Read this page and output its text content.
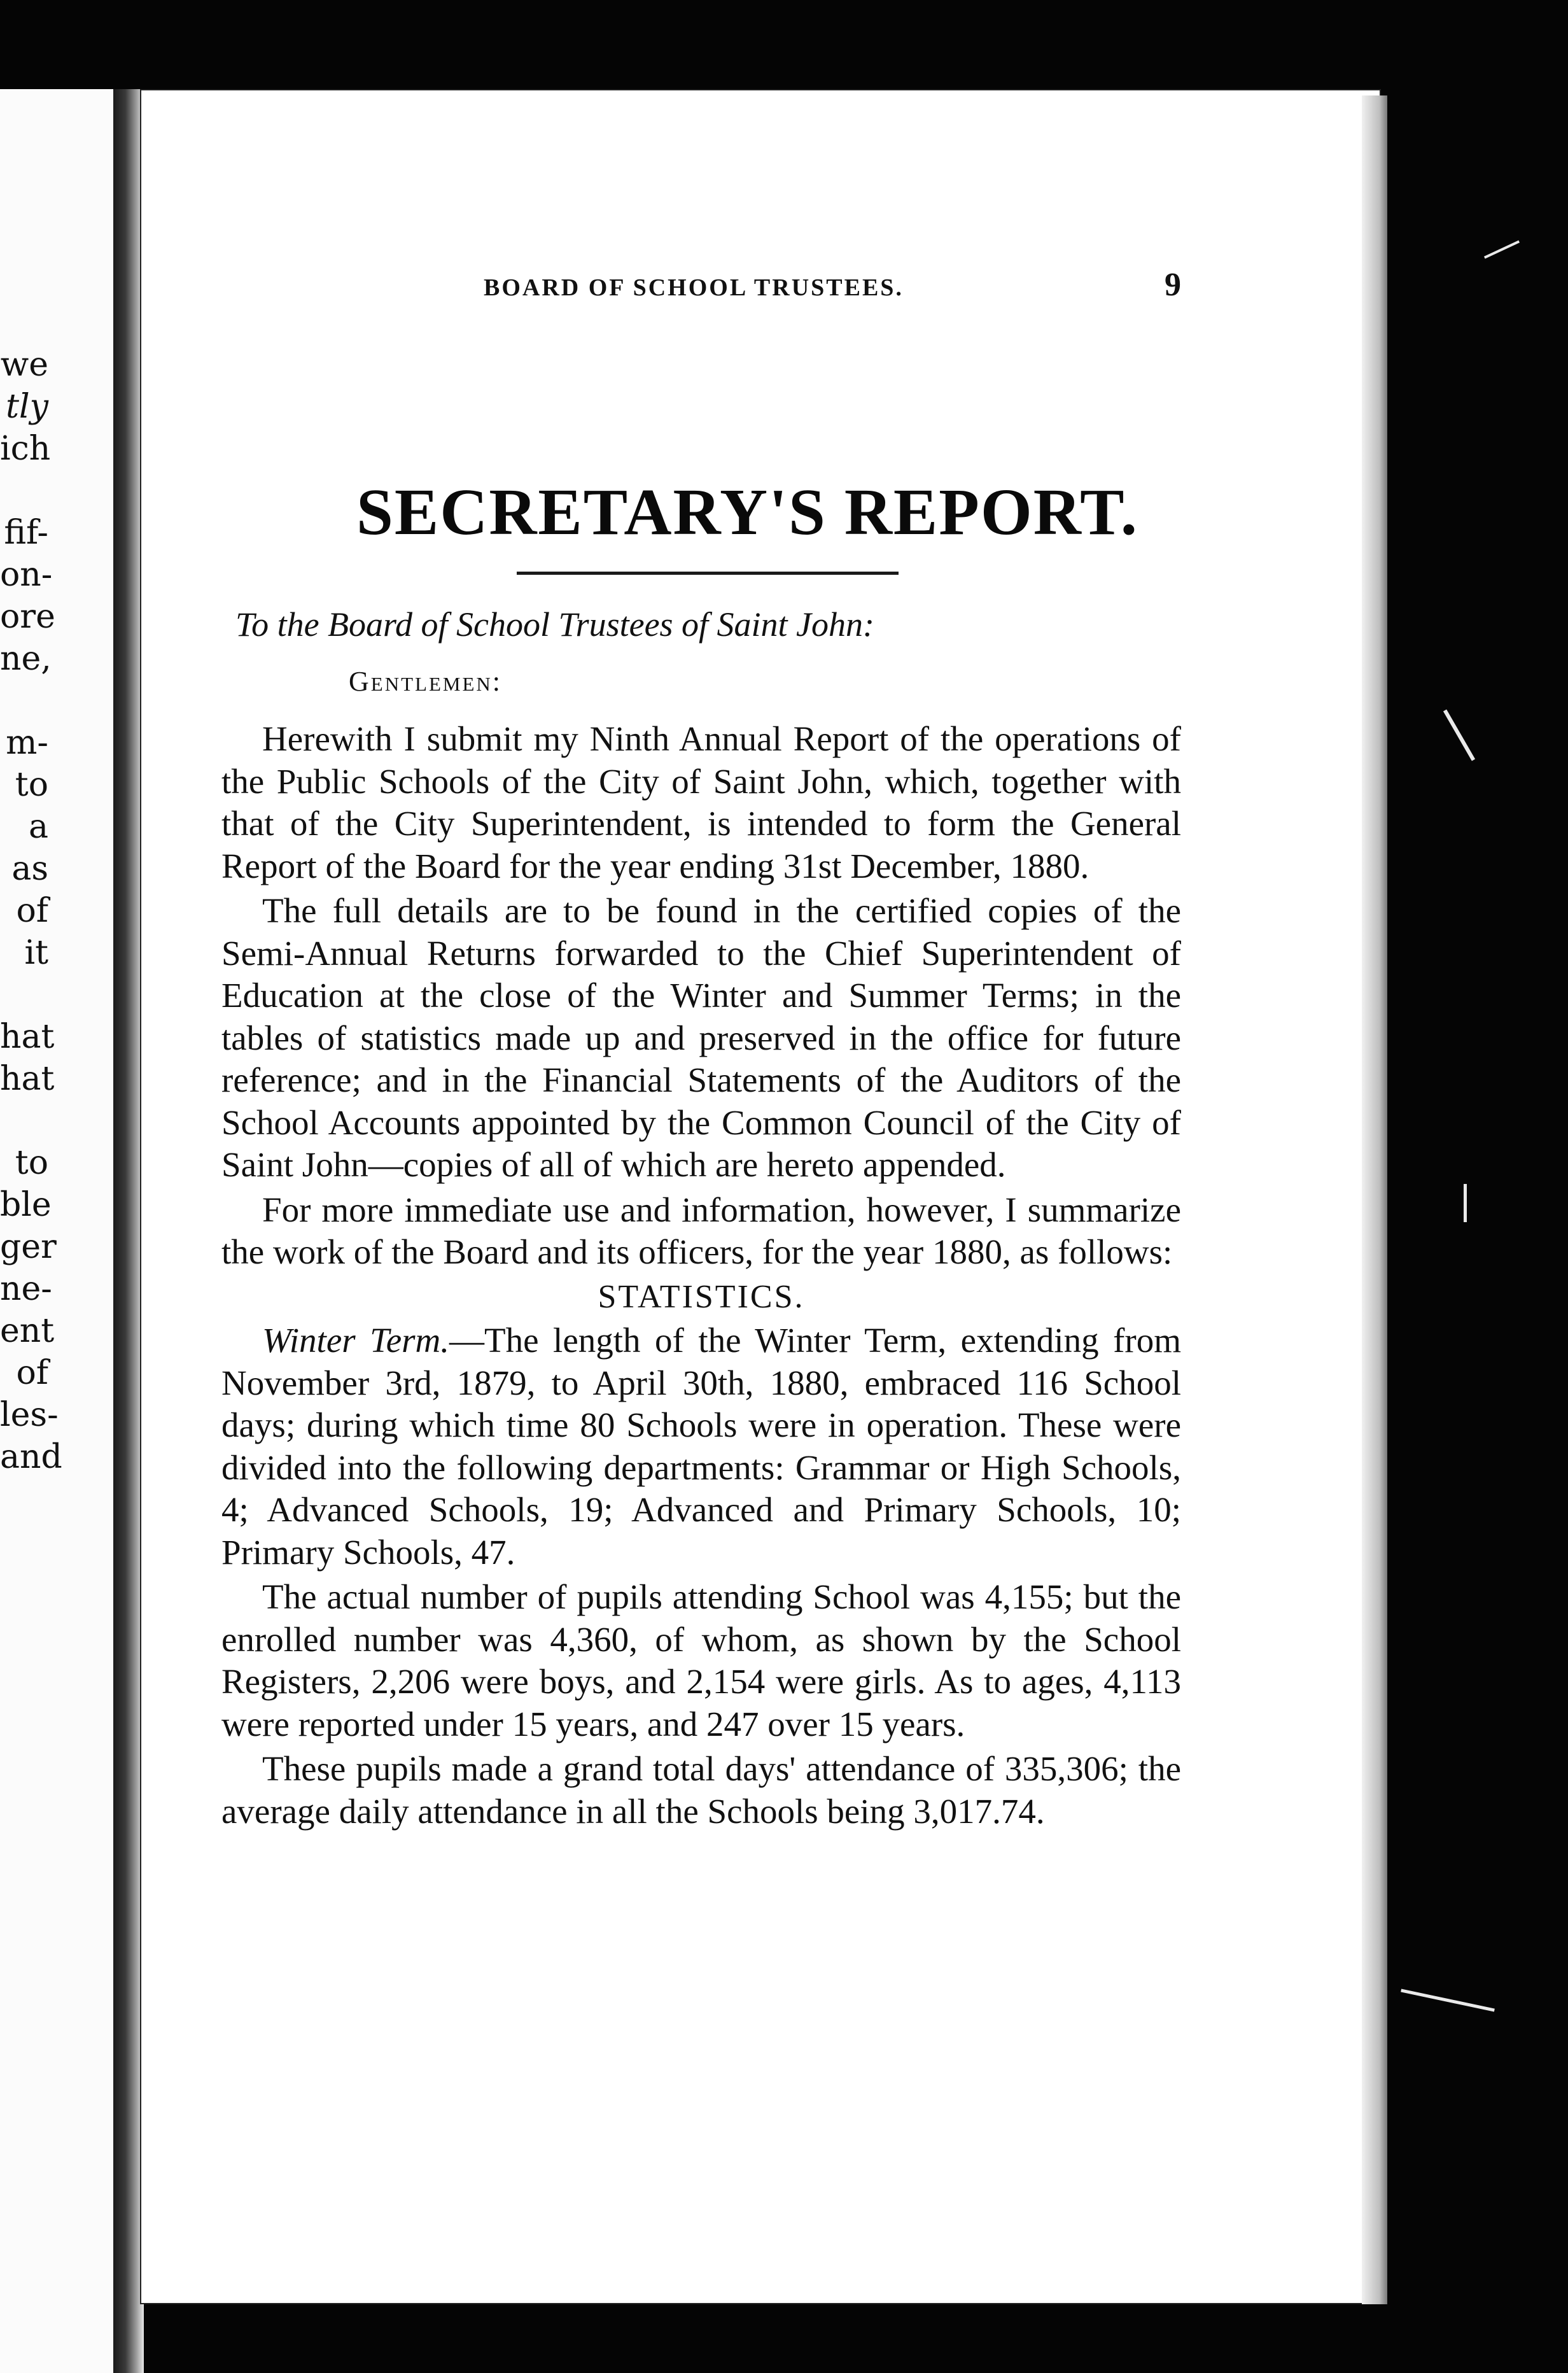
we
tly
ich
fif-
on-
ore
ne,
m-
to
a
as
of
it
hat
hat
to
ble
ger
ne-
ent
of
les-
and
BOARD OF SCHOOL TRUSTEES.	9
SECRETARY'S REPORT.
To the Board of School Trustees of Saint John:
Gentlemen:

Herewith I submit my Ninth Annual Report of the operations of the Public Schools of the City of Saint John, which, together with that of the City Superintendent, is intended to form the General Report of the Board for the year ending 31st December, 1880.

The full details are to be found in the certified copies of the Semi-Annual Returns forwarded to the Chief Superintendent of Education at the close of the Winter and Summer Terms; in the tables of statistics made up and preserved in the office for future reference; and in the Financial Statements of the Auditors of the School Accounts appointed by the Common Council of the City of Saint John—copies of all of which are hereto appended.

For more immediate use and information, however, I summarize the work of the Board and its officers, for the year 1880, as follows:

STATISTICS.

Winter Term.—The length of the Winter Term, extending from November 3rd, 1879, to April 30th, 1880, embraced 116 School days; during which time 80 Schools were in operation. These were divided into the following departments: Grammar or High Schools, 4; Advanced Schools, 19; Advanced and Primary Schools, 10; Primary Schools, 47.

The actual number of pupils attending School was 4,155; but the enrolled number was 4,360, of whom, as shown by the School Registers, 2,206 were boys, and 2,154 were girls. As to ages, 4,113 were reported under 15 years, and 247 over 15 years.

These pupils made a grand total days' attendance of 335,306; the average daily attendance in all the Schools being 3,017.74.
